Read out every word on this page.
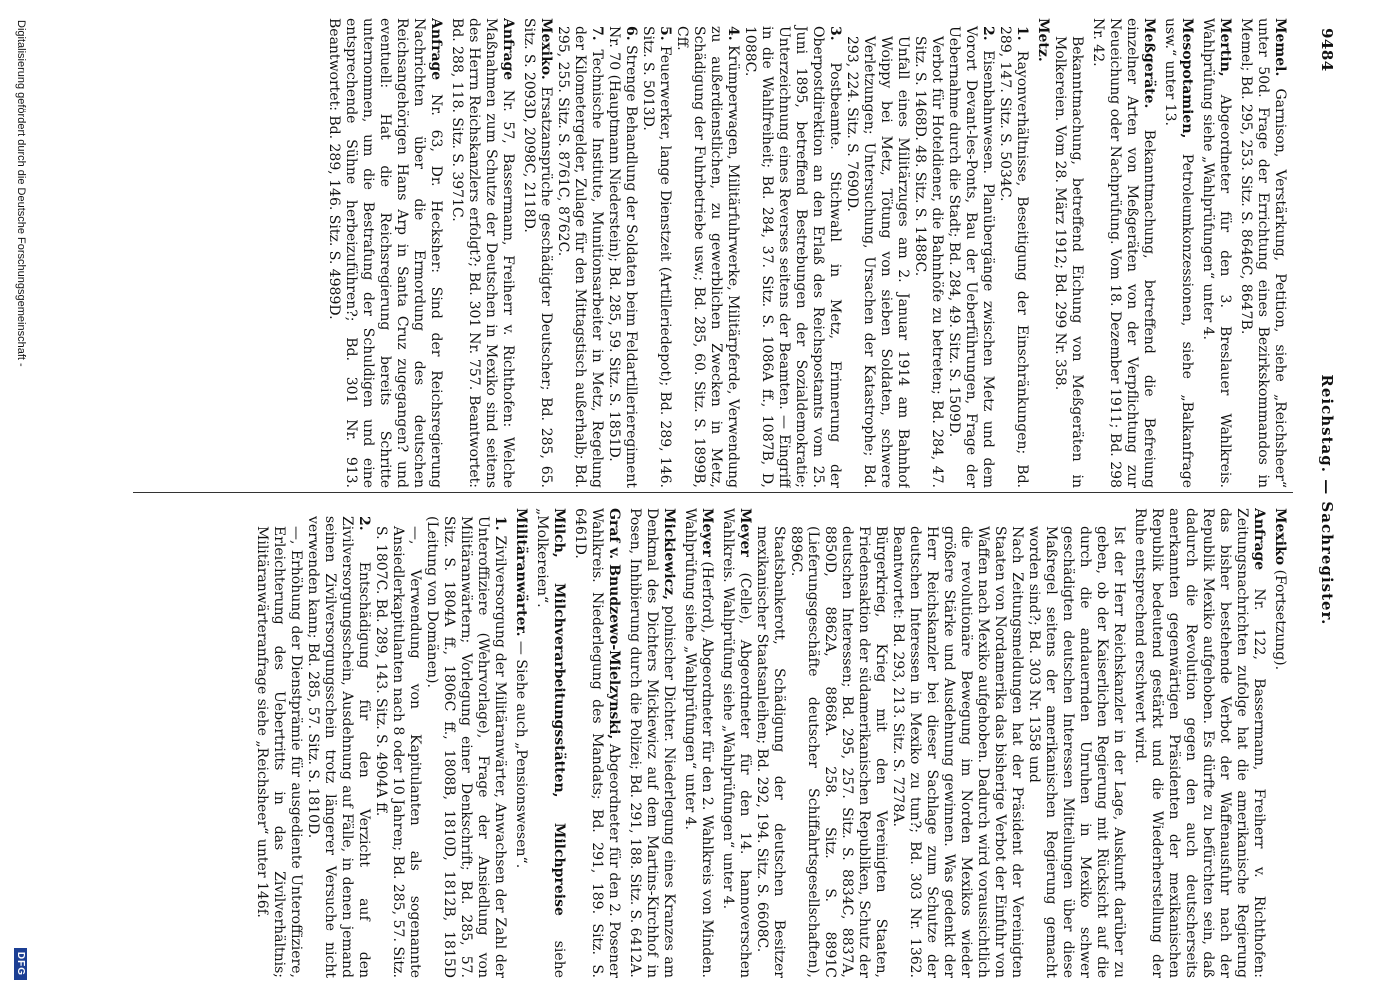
9484
Reichstag. — Sachregister.

Memel. Garnison, Verstärkung, Petition, siehe „Reichsheer“ unter 50d. Frage der Errichtung eines Bezirkskommandos in Memel; Bd. 295, 253. Sitz. S. 8646C, 8647B.

Mertin, Abgeordneter für den 3. Breslauer Wahlkreis. Wahlprüfung siehe „Wahlprüfungen“ unter 4.

Mesopotamien, Petroleumkonzessionen, siehe „Balkanfrage usw.“ unter 13.

Meßgeräte. Bekanntmachung, betreffend die Befreiung einzelner Arten von Meßgeräten von der Verpflichtung zur Neueichung oder Nachprüfung. Vom 18. Dezember 1911; Bd. 298 Nr. 42.

Bekanntmachung, betreffend Eichung von Meßgeräten in Molkereien. Vom 28. März 1912; Bd. 299 Nr. 358.

Metz.

1. Rayonverhältnisse, Beseitigung der Einschränkungen; Bd. 289, 147. Sitz. S. 5034C.

2. Eisenbahnwesen. Planübergänge zwischen Metz und dem Vorort Devant-les-Ponts, Bau der Ueberführungen, Frage der Uebernahme durch die Stadt; Bd. 284, 49. Sitz. S. 1509D.

Verbot für Hoteldiener, die Bahnhöfe zu betreten; Bd. 284, 47. Sitz. S. 1468D. 48. Sitz. S. 1488C.

Unfall eines Militärzuges am 2. Januar 1914 am Bahnhof Woippy bei Metz, Tötung von sieben Soldaten, schwere Verletzungen; Untersuchung, Ursachen der Katastrophe; Bd. 293, 224. Sitz. S. 7690D.

3. Postbeamte. Stichwahl in Metz, Erinnerung der Oberpostdirektion an den Erlaß des Reichspostamts vom 25. Juni 1895, betreffend Bestrebungen der Sozialdemokratie; Unterzeichnung eines Reverses seitens der Beamten. — Eingriff in die Wahlfreiheit; Bd. 284, 37. Sitz. S. 1086A ff., 1087B, D, 1088C.

4. Krümperwagen, Militärfuhrwerke, Militärpferde, Verwendung zu außerdienstlichen, zu gewerblichen Zwecken in Metz, Schädigung der Fuhrbetriebe usw.; Bd. 285, 60. Sitz. S. 1899B, Cff.

5. Feuerwerker, lange Dienstzeit (Artilleriedepot); Bd. 289, 146. Sitz. S. 5013D.

6. Strenge Behandlung der Soldaten beim Feldartillerieregiment Nr. 70 (Hauptmann Niederstein); Bd. 285, 59. Sitz. S. 1851D.

7. Technische Institute, Munitionsarbeiter in Metz, Regelung der Kilometergelder, Zulage für den Mittagstisch außerhalb; Bd. 295, 255. Sitz. S. 8761C, 8762C.

Mexiko. Ersatzansprüche geschädigter Deutscher; Bd. 285, 65. Sitz. S. 2093D, 2098C, 2118D.

Anfrage Nr. 57, Bassermann, Freiherr v. Richthofen: Welche Maßnahmen zum Schutze der Deutschen in Mexiko sind seitens des Herrn Reichskanzlers erfolgt?; Bd. 301 Nr. 757. Beantwortet: Bd. 288, 118. Sitz. S. 3971C.

Anfrage Nr. 63, Dr. Hecksher: Sind der Reichsregierung Nachrichten über die Ermordung des deutschen Reichsangehörigen Hans Arp in Santa Cruz zugegangen? und eventuell: Hat die Reichsregierung bereits Schritte unternommen, um die Bestrafung der Schuldigen und eine entsprechende Sühne herbeizuführen?; Bd. 301 Nr. 913. Beantwortet: Bd. 289, 146. Sitz. S. 4989D.

Mexiko (Fortsetzung).

Anfrage Nr. 122, Bassermann, Freiherr v. Richthofen: Zeitungsnachrichten zufolge hat die amerikanische Regierung das bisher bestehende Verbot der Waffenausfuhr nach der Republik Mexiko aufgehoben. Es dürfte zu befürchten sein, daß dadurch die Revolution gegen den auch deutscherseits anerkannten gegenwärtigen Präsidenten der mexikanischen Republik bedeutend gestärkt und die Wiederherstellung der Ruhe entsprechend erschwert wird.

Ist der Herr Reichskanzler in der Lage, Auskunft darüber zu geben, ob der Kaiserlichen Regierung mit Rücksicht auf die durch die andauernden Unruhen in Mexiko schwer geschädigten deutschen Interessen Mitteilungen über diese Maßregel seitens der amerikanischen Regierung gemacht worden sind?; Bd. 303 Nr. 1358 und

Nach Zeitungsmeldungen hat der Präsident der Vereinigten Staaten von Nordamerika das bisherige Verbot der Einfuhr von Waffen nach Mexiko aufgehoben. Dadurch wird voraussichtlich die revolutionäre Bewegung im Norden Mexikos wieder größere Stärke und Ausdehnung gewinnen. Was gedenkt der Herr Reichskanzler bei dieser Sachlage zum Schutze der deutschen Interessen in Mexiko zu tun?; Bd. 303 Nr. 1362. Beantwortet: Bd. 293, 213. Sitz. S. 7278A.

Bürgerkrieg, Krieg mit den Vereinigten Staaten, Friedensaktion der südamerikanischen Republiken, Schutz der deutschen Interessen; Bd. 295, 257. Sitz. S. 8834C, 8837A, 8850D, 8862A, 8868A. 258. Sitz. S. 8891C (Lieferungsgeschäfte deutscher Schiffahrtsgesellschaften), 8896C.

Staatsbankerott, Schädigung der deutschen Besitzer mexikanischer Staatsanleihen; Bd. 292, 194. Sitz. S. 6608C.

Meyer (Celle), Abgeordneter für den 14. hannoverschen Wahlkreis. Wahlprüfung siehe „Wahlprüfungen“ unter 4.

Meyer (Herford), Abgeordneter für den 2. Wahlkreis von Minden. Wahlprüfung siehe „Wahlprüfungen“ unter 4.

Mickiewicz, polnischer Dichter. Niederlegung eines Kranzes am Denkmal des Dichters Mickiewicz auf dem Martins-Kirchhof in Posen, Inhibierung durch die Polizei; Bd. 291, 188. Sitz. S. 6412A.

Graf v. Bnudzewo-Mielzynski, Abgeordneter für den 2. Posener Wahlkreis. Niederlegung des Mandats; Bd. 291, 189. Sitz. S. 6461D.

Milch, Milchverarbeitungsstätten, Milchpreise siehe „Molkereien“.

Militäranwärter. — Siehe auch „Pensionswesen“.

1. Zivilversorgung der Militäranwärter, Anwachsen der Zahl der Unteroffiziere (Wehrvorlage), Frage der Ansiedlung von Militäranwärtern; Vorlegung einer Denkschrift; Bd. 285, 57. Sitz. S. 1804A ff., 1806C ff., 1808B, 1810D, 1812B, 1815D (Leitung von Domänen).

—, Verwendung von Kapitulanten als sogenannte Ansiedlerkapitulanten nach 8 oder 10 Jahren; Bd. 285, 57. Sitz. S. 1807C. Bd. 289, 143. Sitz. S. 4904A ff.

2. Entschädigung für den Verzicht auf den Zivilversorgungsschein, Ausdehnung auf Fälle, in denen jemand seinen Zivilversorgungsschein trotz längerer Versuche nicht verwenden kann; Bd. 285, 57. Sitz. S. 1810D.

—, Erhöhung der Dienstprämie für ausgediente Unteroffiziere, Erleichterung des Uebertritts in das Zivilverhältnis; Militäranwärteranfrage siehe „Reichsheer“ unter 146f.

Digitalisierung gefördert durch die Deutsche Forschungsgemeinschaft -
DFG
